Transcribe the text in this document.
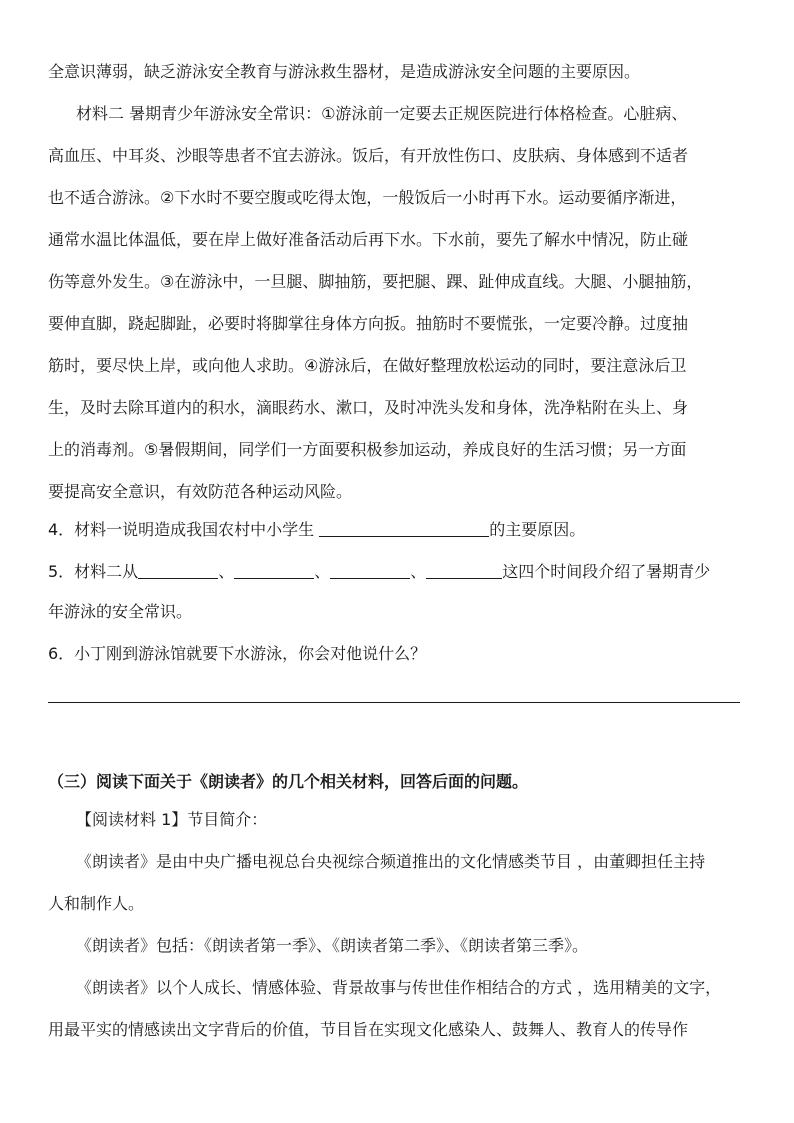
全意识薄弱，缺乏游泳安全教育与游泳救生器材，是造成游泳安全问题的主要原因。
材料二 暑期青少年游泳安全常识：①游泳前一定要去正规医院进行体格检查。心脏病、
高血压、中耳炎、沙眼等患者不宜去游泳。饭后，有开放性伤口、皮肤病、身体感到不适者
也不适合游泳。②下水时不要空腹或吃得太饱，一般饭后一小时再下水。运动要循序渐进，
通常水温比体温低，要在岸上做好准备活动后再下水。下水前，要先了解水中情况，防止碰
伤等意外发生。③在游泳中，一旦腿、脚抽筋，要把腿、踝、趾伸成直线。大腿、小腿抽筋，
要伸直脚，跷起脚趾，必要时将脚掌往身体方向扳。抽筋时不要慌张，一定要冷静。过度抽
筋时，要尽快上岸，或向他人求助。④游泳后，在做好整理放松运动的同时，要注意泳后卫
生，及时去除耳道内的积水，滴眼药水、漱口，及时冲洗头发和身体，洗净粘附在头上、身
上的消毒剂。⑤暑假期间，同学们一方面要积极参加运动，养成良好的生活习惯；另一方面
要提高安全意识，有效防范各种运动风险。
4．材料一说明造成我国农村中小学生	的主要原因。
5．材料二从	、	、	、	这四个时间段介绍了暑期青少
年游泳的安全常识。
6．小丁刚到游泳馆就要下水游泳，你会对他说什么？
（三）阅读下面关于《朗读者》的几个相关材料，回答后面的问题。
【阅读材料 1】节目简介：
《朗读者》是由中央广播电视总台央视综合频道推出的文化情感类节目 ，由董卿担任主持
人和制作人。
《朗读者》包括：《朗读者第一季》、《朗读者第二季》、《朗读者第三季》。
《朗读者》以个人成长、情感体验、背景故事与传世佳作相结合的方式 ，选用精美的文字，
用最平实的情感读出文字背后的价值，节目旨在实现文化感染人、鼓舞人、教育人的传导作
